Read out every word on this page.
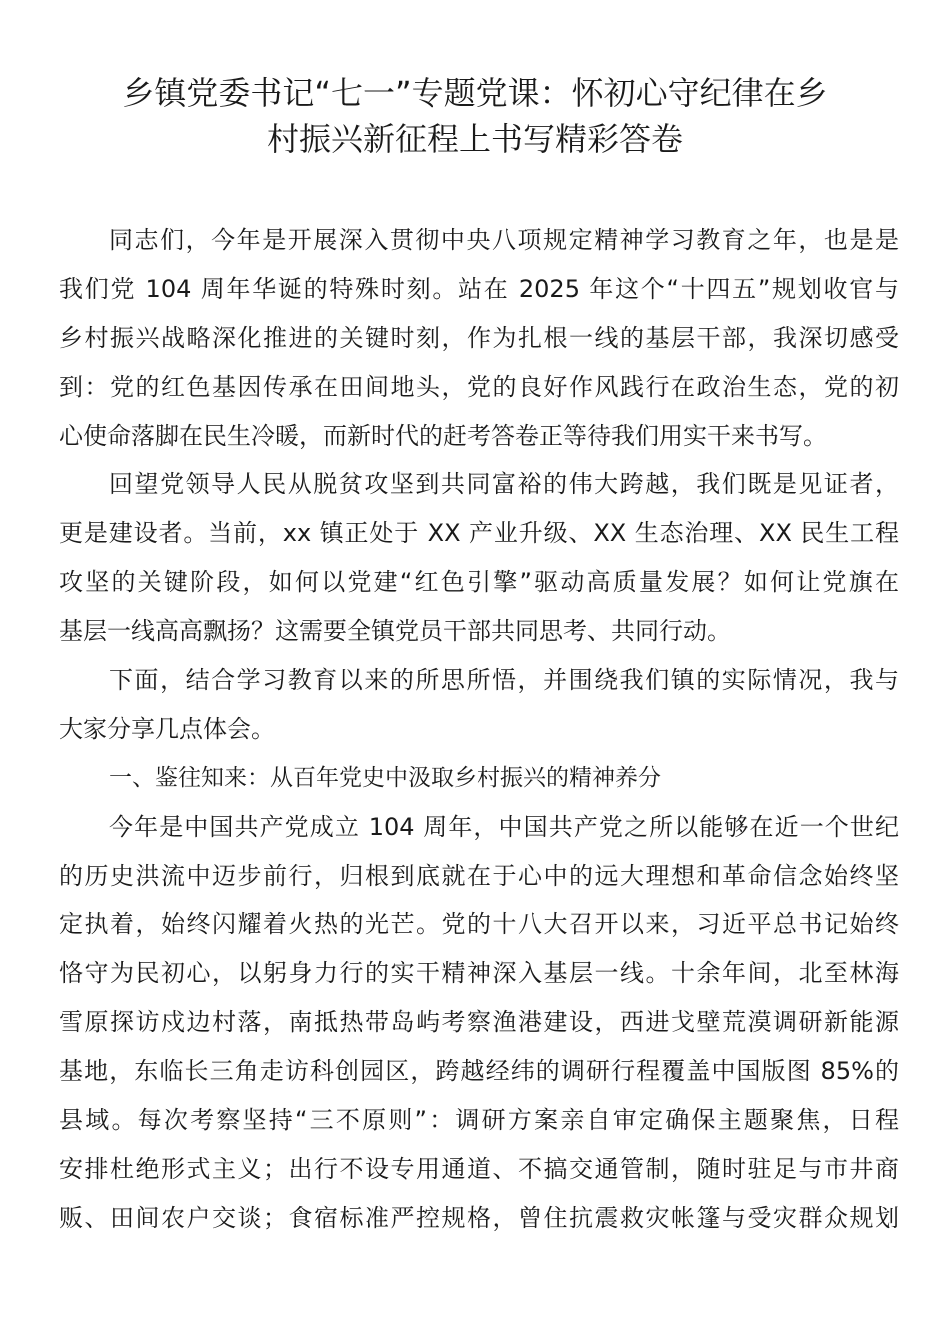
乡镇党委书记“七一”专题党课：怀初心守纪律在乡
村振兴新征程上书写精彩答卷

同志们，今年是开展深入贯彻中央八项规定精神学习教育之年，也是是
我们党 104 周年华诞的特殊时刻。站在 2025 年这个“十四五”规划收官与
乡村振兴战略深化推进的关键时刻，作为扎根一线的基层干部，我深切感受
到：党的红色基因传承在田间地头，党的良好作风践行在政治生态，党的初
心使命落脚在民生冷暖，而新时代的赶考答卷正等待我们用实干来书写。

回望党领导人民从脱贫攻坚到共同富裕的伟大跨越，我们既是见证者，
更是建设者。当前，xx 镇正处于 XX 产业升级、XX 生态治理、XX 民生工程
攻坚的关键阶段，如何以党建“红色引擎”驱动高质量发展？如何让党旗在
基层一线高高飘扬？这需要全镇党员干部共同思考、共同行动。

下面，结合学习教育以来的所思所悟，并围绕我们镇的实际情况，我与
大家分享几点体会。

一、鉴往知来：从百年党史中汲取乡村振兴的精神养分

今年是中国共产党成立 104 周年，中国共产党之所以能够在近一个世纪
的历史洪流中迈步前行，归根到底就在于心中的远大理想和革命信念始终坚
定执着，始终闪耀着火热的光芒。党的十八大召开以来，习近平总书记始终
恪守为民初心，以躬身力行的实干精神深入基层一线。十余年间，北至林海
雪原探访戍边村落，南抵热带岛屿考察渔港建设，西进戈壁荒漠调研新能源
基地，东临长三角走访科创园区，跨越经纬的调研行程覆盖中国版图 85%的
县域。每次考察坚持“三不原则”：调研方案亲自审定确保主题聚焦，日程
安排杜绝形式主义；出行不设专用通道、不搞交通管制，随时驻足与市井商
贩、田间农户交谈；食宿标准严控规格，曾住抗震救灾帐篷与受灾群众规划
